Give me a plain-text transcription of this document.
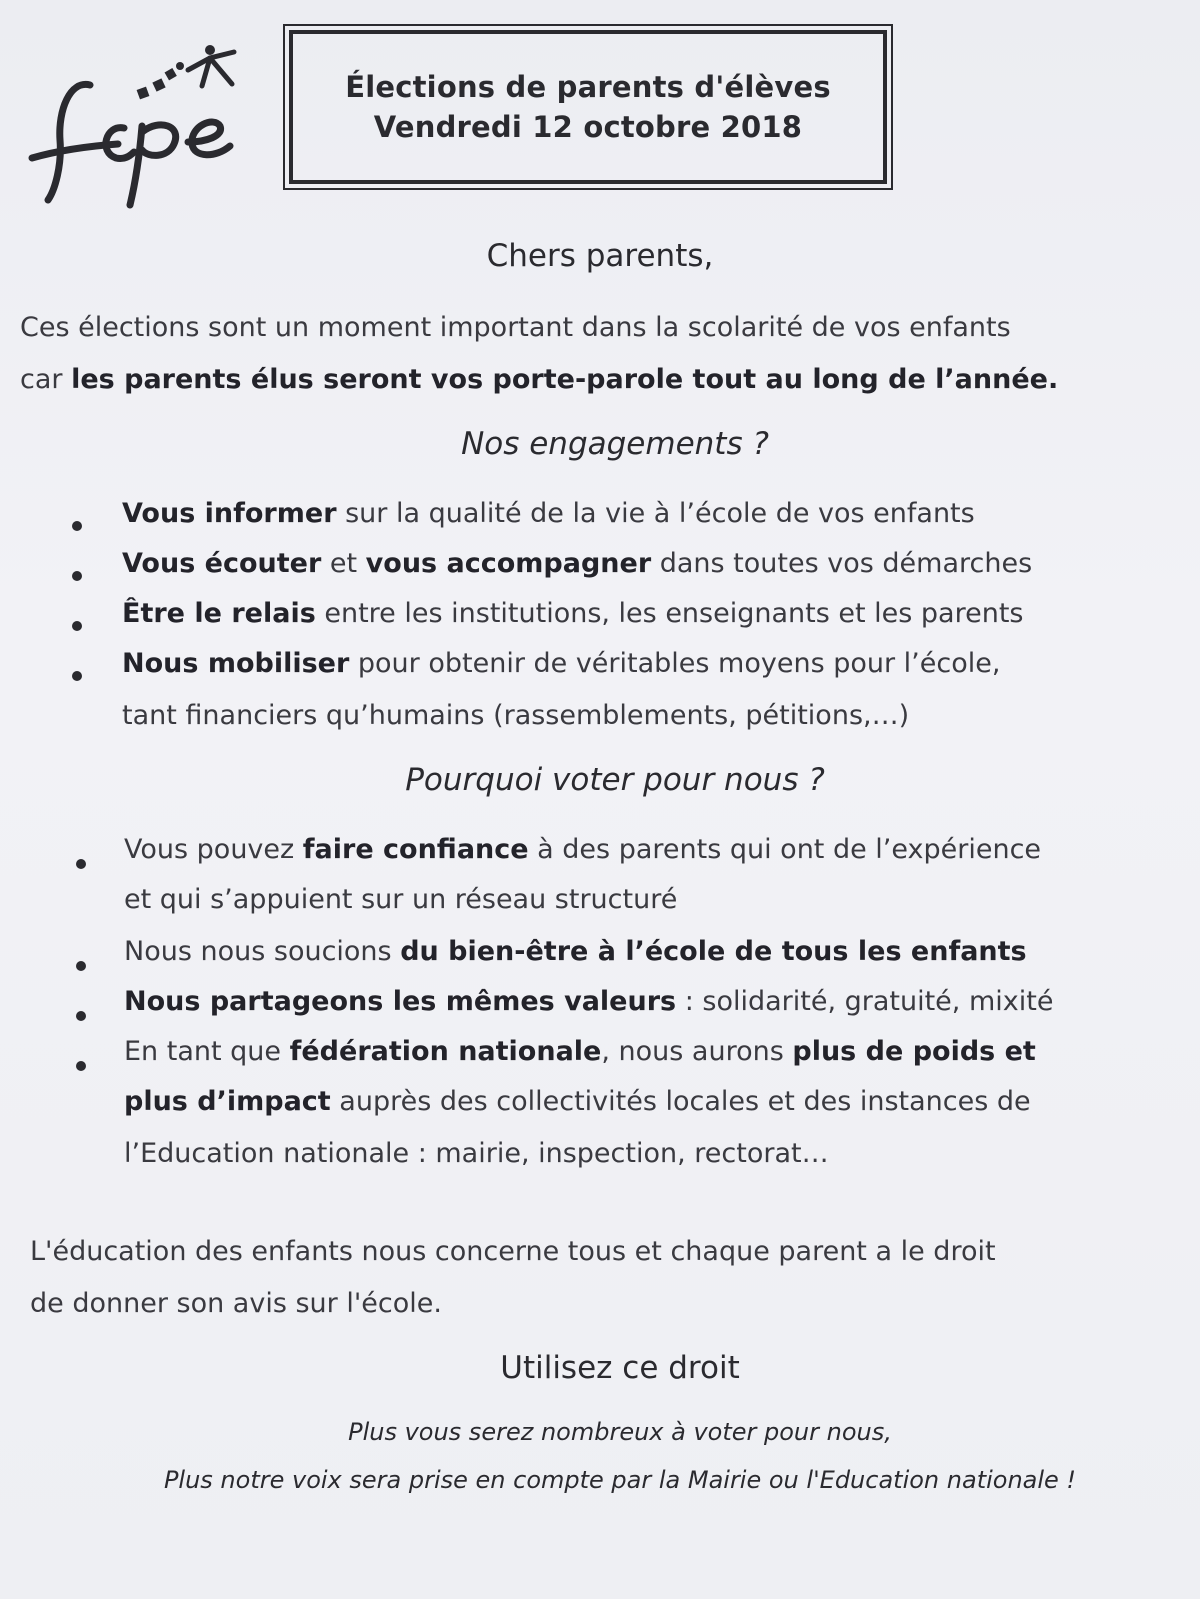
Élections de parents d'élèves
Vendredi 12 octobre 2018
Chers parents,
Ces élections sont un moment important dans la scolarité de vos enfants
car les parents élus seront vos porte-parole tout au long de l’année.
Nos engagements ?
Vous informer sur la qualité de la vie à l’école de vos enfants
Vous écouter et vous accompagner dans toutes vos démarches
Être le relais entre les institutions, les enseignants et les parents
Nous mobiliser pour obtenir de véritables moyens pour l’école,
tant financiers qu’humains (rassemblements, pétitions,…)
Pourquoi voter pour nous ?
Vous pouvez faire confiance à des parents qui ont de l’expérience
et qui s’appuient sur un réseau structuré
Nous nous soucions du bien-être à l’école de tous les enfants
Nous partageons les mêmes valeurs : solidarité, gratuité, mixité
En tant que fédération nationale, nous aurons plus de poids et
plus d’impact auprès des collectivités locales et des instances de
l’Education nationale : mairie, inspection, rectorat…
L'éducation des enfants nous concerne tous et chaque parent a le droit
de donner son avis sur l'école.
Utilisez ce droit
Plus vous serez nombreux à voter pour nous,
Plus notre voix sera prise en compte par la Mairie ou l'Education nationale !
